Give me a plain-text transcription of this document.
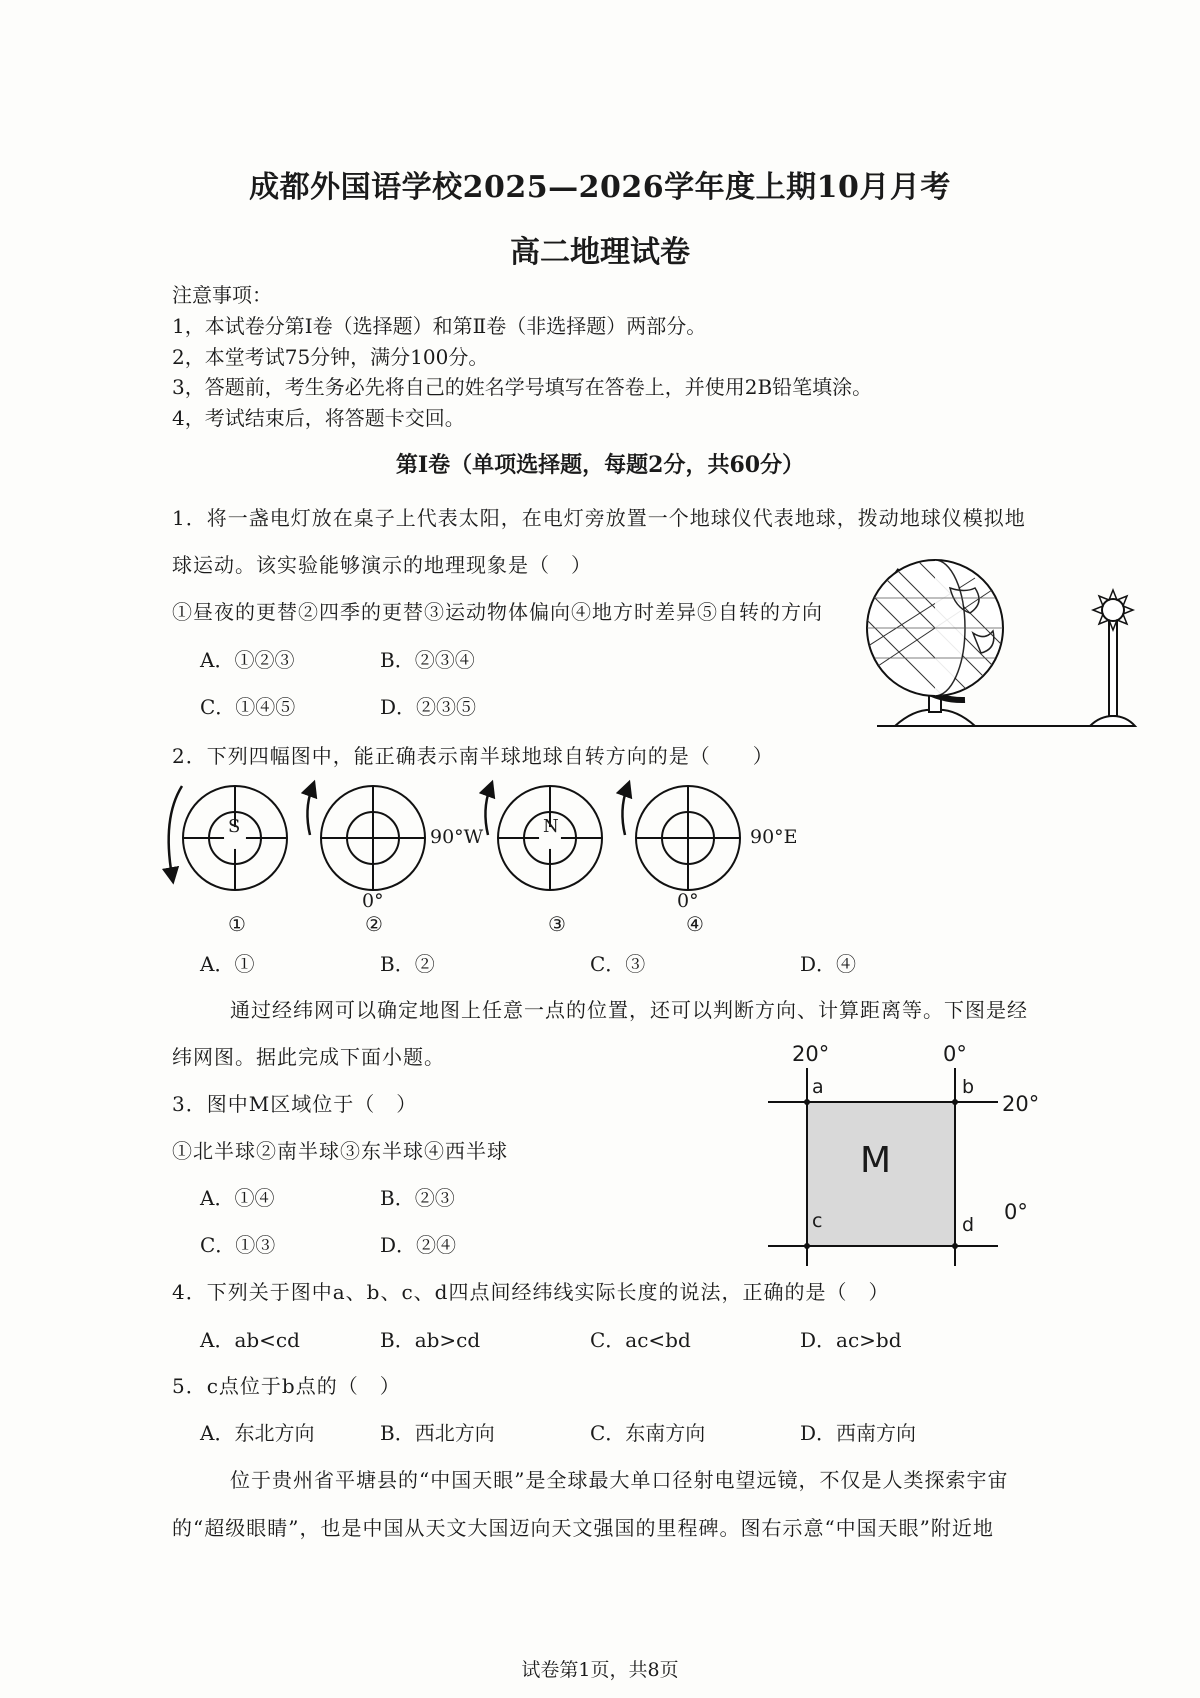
成都外国语学校2025—2026学年度上期10月月考
高二地理试卷
注意事项：
1，本试卷分第Ⅰ卷（选择题）和第Ⅱ卷（非选择题）两部分。
2，本堂考试75分钟，满分100分。
3，答题前，考生务必先将自己的姓名学号填写在答卷上，并使用2B铅笔填涂。
4，考试结束后，将答题卡交回。
第Ⅰ卷（单项选择题，每题2分，共60分）
1．将一盏电灯放在桌子上代表太阳，在电灯旁放置一个地球仪代表地球，拨动地球仪模拟地
球运动。该实验能够演示的地理现象是（　）
①昼夜的更替②四季的更替③运动物体偏向④地方时差异⑤自转的方向
A．①②③	B．②③④
C．①④⑤	D．②③⑤
2．下列四幅图中，能正确表示南半球地球自转方向的是（　　）
S	N
90°W	90°E
0°	0°
①	②	③	④
A．①	B．②	C．③	D．④
通过经纬网可以确定地图上任意一点的位置，还可以判断方向、计算距离等。下图是经
纬网图。据此完成下面小题。	20°	0°
20°
0°
M
a	b
c	d
3．图中M区域位于（　）
①北半球②南半球③东半球④西半球
A．①④	B．②③
C．①③	D．②④
4．下列关于图中a、b、c、d四点间经纬线实际长度的说法，正确的是（　）
A．ab<cd	B．ab>cd	C．ac<bd	D．ac>bd
5．c点位于b点的（　）
A．东北方向	B．西北方向	C．东南方向	D．西南方向
位于贵州省平塘县的“中国天眼”是全球最大单口径射电望远镜，不仅是人类探索宇宙
的“超级眼睛”，也是中国从天文大国迈向天文强国的里程碑。图右示意“中国天眼”附近地
试卷第1页，共8页
